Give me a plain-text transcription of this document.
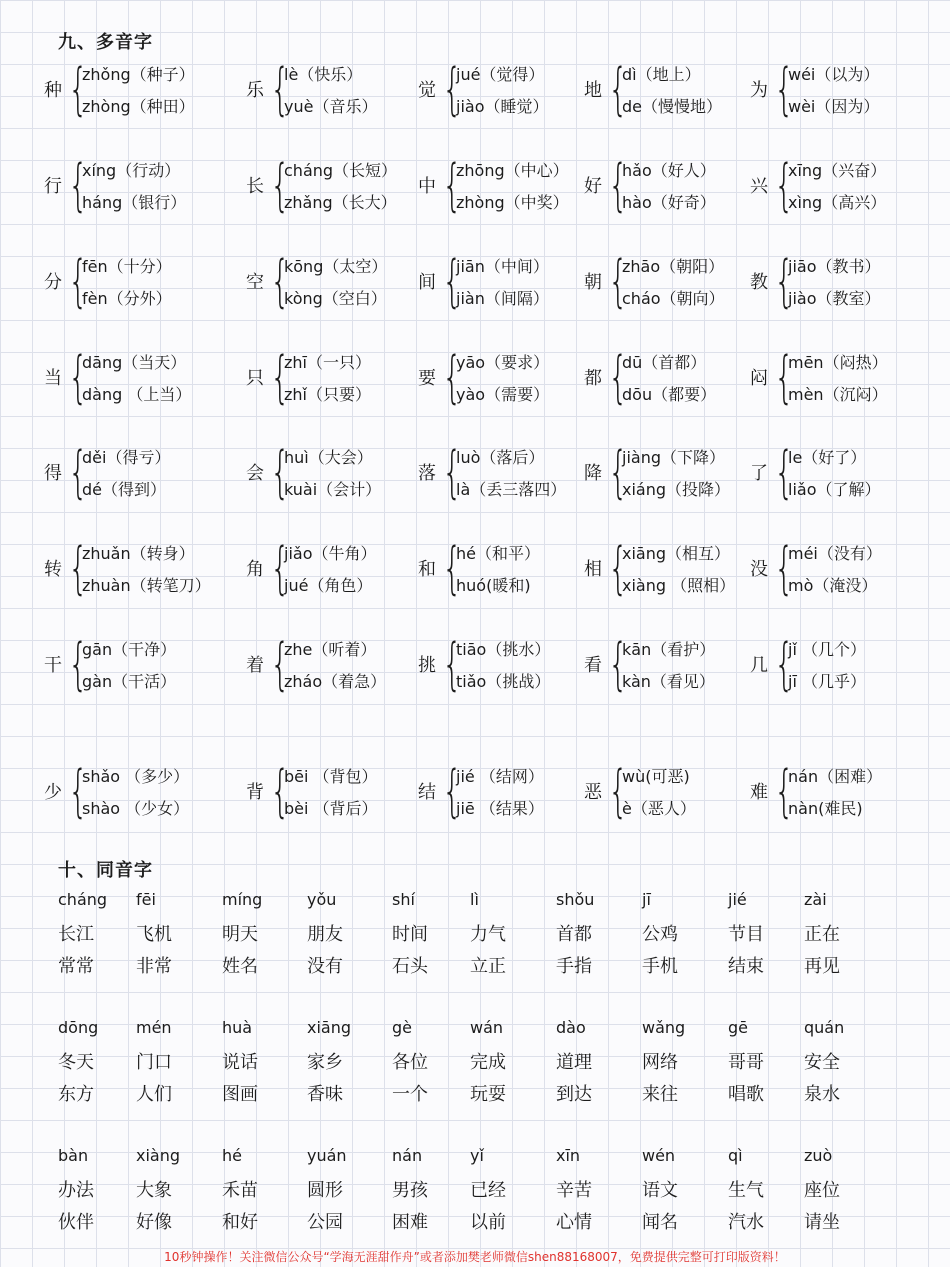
九、多音字
种 {
zhǒng（种子）
zhòng（种田）
乐 {
lè（快乐）
yuè（音乐）
觉 {
jué（觉得）
jiào（睡觉）
地 {
dì（地上）
de（慢慢地）
为 {
wéi（以为）
wèi（因为）
行 {
xíng（行动）
háng（银行）
长 {
cháng（长短）
zhǎng（长大）
中 {
zhōng（中心）
zhòng（中奖）
好 {
hǎo（好人）
hào（好奇）
兴 {
xīng（兴奋）
xìng（高兴）
分 {
fēn（十分）
fèn（分外）
空 {
kōng（太空）
kòng（空白）
间 {
jiān（中间）
jiàn（间隔）
朝 {
zhāo（朝阳）
cháo（朝向）
教 {
jiāo（教书）
jiào（教室）
当 {
dāng（当天）
dàng （上当）
只 {
zhī（一只）
zhǐ（只要）
要 {
yāo（要求）
yào（需要）
都 {
dū（首都）
dōu（都要）
闷 {
mēn（闷热）
mèn（沉闷）
得 {
děi（得亏）
dé（得到）
会 {
huì（大会）
kuài（会计）
落 {
luò（落后）
là（丢三落四）
降 {
jiàng（下降）
xiáng（投降）
了 {
le（好了）
liǎo（了解）
转 {
zhuǎn（转身）
zhuàn（转笔刀）
角 {
jiǎo（牛角）
jué（角色）
和 {
hé（和平）
huó(暖和)
相 {
xiāng（相互）
xiàng （照相）
没 {
méi（没有）
mò（淹没）
干 {
gān（干净）
gàn（干活）
着 {
zhe（听着）
zháo（着急）
挑 {
tiāo（挑水）
tiǎo（挑战）
看 {
kān（看护）
kàn（看见）
几 {
jǐ （几个）
jī （几乎）
少 {
shǎo （多少）
shào （少女）
背 {
bēi （背包）
bèi （背后）
结 {
jié （结网）
jiē （结果）
恶 {
wù(可恶)
è（恶人）
难 {
nán（困难）
nàn(难民)
十、同音字
cháng
长江
常常
fēi
飞机
非常
míng
明天
姓名
yǒu
朋友
没有
shí
时间
石头
lì
力气
立正
shǒu
首都
手指
jī
公鸡
手机
jié
节目
结束
zài
正在
再见
dōng
冬天
东方
mén
门口
人们
huà
说话
图画
xiāng
家乡
香味
gè
各位
一个
wán
完成
玩耍
dào
道理
到达
wǎng
网络
来往
gē
哥哥
唱歌
quán
安全
泉水
bàn
办法
伙伴
xiàng
大象
好像
hé
禾苗
和好
yuán
圆形
公园
nán
男孩
困难
yǐ
已经
以前
xīn
辛苦
心情
wén
语文
闻名
qì
生气
汽水
zuò
座位
请坐
10秒钟操作！关注微信公众号“学海无涯甜作舟”或者添加樊老师微信shen88168007，免费提供完整可打印版资料！
